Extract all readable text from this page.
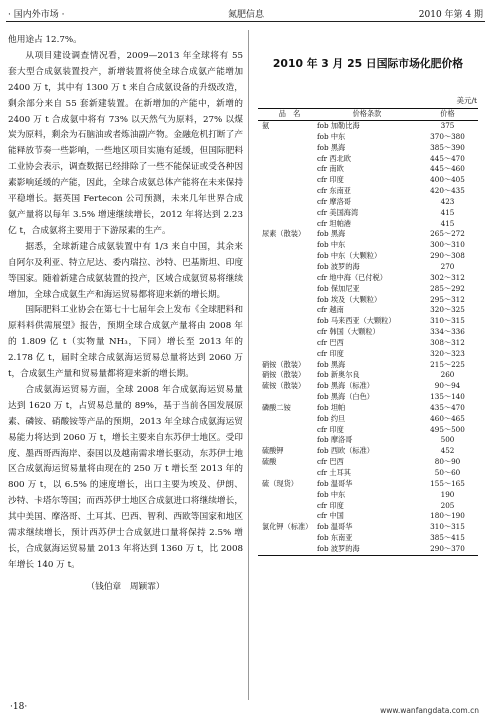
· 国内外市场 ·	氮肥信息	2010 年第 4 期

他用途占 12.7%。

从项目建设调查情况看，2009—2013 年全球将有 55 套大型合成氨装置投产，新增装置将使全球合成氨产能增加 2400 万 t，其中有 1300 万 t 来自合成氨设备的升级改造，剩余部分来自 55 套新建装置。在新增加的产能中，新增的 2400 万 t 合成氨中将有 73% 以天然气为原料，27% 以煤炭为原料，剩余为石脑油或者炼油副产物。金融危机打断了产能释放节奏一些影响，一些地区项目实施有延缓，但国际肥料工业协会表示，调查数据已经排除了一些不能保证或受各种因素影响延缓的产能，因此，全球合成氨总体产能将在未来保持平稳增长。据英国 Fertecon 公司预测，未来几年世界合成氨产量将以每年 3.5% 增速继续增长，2012 年将达到 2.23 亿 t，合成氨将主要用于下游尿素的生产。

据悉，全球新建合成氨装置中有 1/3 来自中国，其余来自阿尔及利亚、特立尼达、委内瑞拉、沙特、巴基斯坦、印度等国家。随着新建合成氨装置的投产，区域合成氨贸易将继续增加，全球合成氨生产和海运贸易都将迎来新的增长期。

国际肥料工业协会在第七十七届年会上发布《全球肥料和原料料供需展望》报告，预期全球合成氨产量将由 2008 年的 1.809 亿 t（实物量 NH₃，下同）增长至 2013 年的 2.178 亿 t，届时全球合成氨海运贸易总量将达到 2060 万 t，合成氨生产量和贸易量都将迎来新的增长期。

合成氨海运贸易方面，全球 2008 年合成氨海运贸易量达到 1620 万 t，占贸易总量的 89%，基于当前各国发展原素、磷铵、硝酸铵等产品的预期，2013 年全球合成氨海运贸易能力将达到 2060 万 t，增长主要来自东苏伊士地区。受印度、墨西哥西海岸、泰国以及越南需求增长驱动，东苏伊士地区合成氨海运贸易量将由现在的 250 万 t 增长至 2013 年的 800 万 t，以 6.5% 的速度增长，出口主要为埃及、伊朗、沙特、卡塔尔等国；而西苏伊士地区合成氨进口将继续增长，其中美国、摩洛哥、土耳其、巴西、智利、西欧等国家和地区需求继续增长，预计西苏伊士合成氨进口量将保持 2.5% 增长，合成氨海运贸易量 2013 年将达到 1360 万 t，比 2008 年增长 140 万 t。

（钱伯章　周颖霏）

2010 年 3 月 25 日国际市场化肥价格
美元/t
品　名	价格条款	价格
氨	fob 加勒比海	375
	fob 中东	370～380
	fob 黑海	385～390
	cfr 西北欧	445～470
	cfr 南欧	445～460
	cfr 印度	400～405
	cfr 东南亚	420～435
	cfr 摩洛哥	423
	cfr 美国海湾	415
	cfr 坦帕港	415
尿素（散装）	fob 黑海	265～272
	fob 中东	300～310
	fob 中东（大颗粒）	290～308
	fob 波罗的海	270
	cfr 地中海（已付税）	302～312
	fob 保加尼亚	285～292
	fob 埃及（大颗粒）	295～312
	cfr 越南	320～325
	fob 马来西亚（大颗粒）	310～315
	cfr 韩国（大颗粒）	334～336
	cfr 巴西	308～312
	cfr 印度	320～323
硝铵（散装）	fob 黑海	215～225
硝铵（散装）	fob 新奥尔良	260
硫铵（散装）	fob 黑海（标准）	90～94
	fob 黑海（白色）	135～140
磷酸二铵	fob 坦帕	435～470
	fob 约旦	460～465
	cfr 印度	495～500
	fob 摩洛哥	500
硫酸钾	fob 西欧（标准）	452
硫酸	cfr 巴西	80～90
	cfr 土耳其	50～60
硫（现货）	fob 温哥华	155～165
	fob 中东	190
	cfr 印度	205
	cfr 中国	180～190
氯化钾（标准）	fob 温哥华	310～315
	fob 东南亚	385～415
	fob 波罗的海	290～370
·18·	www.wanfangdata.com.cn
